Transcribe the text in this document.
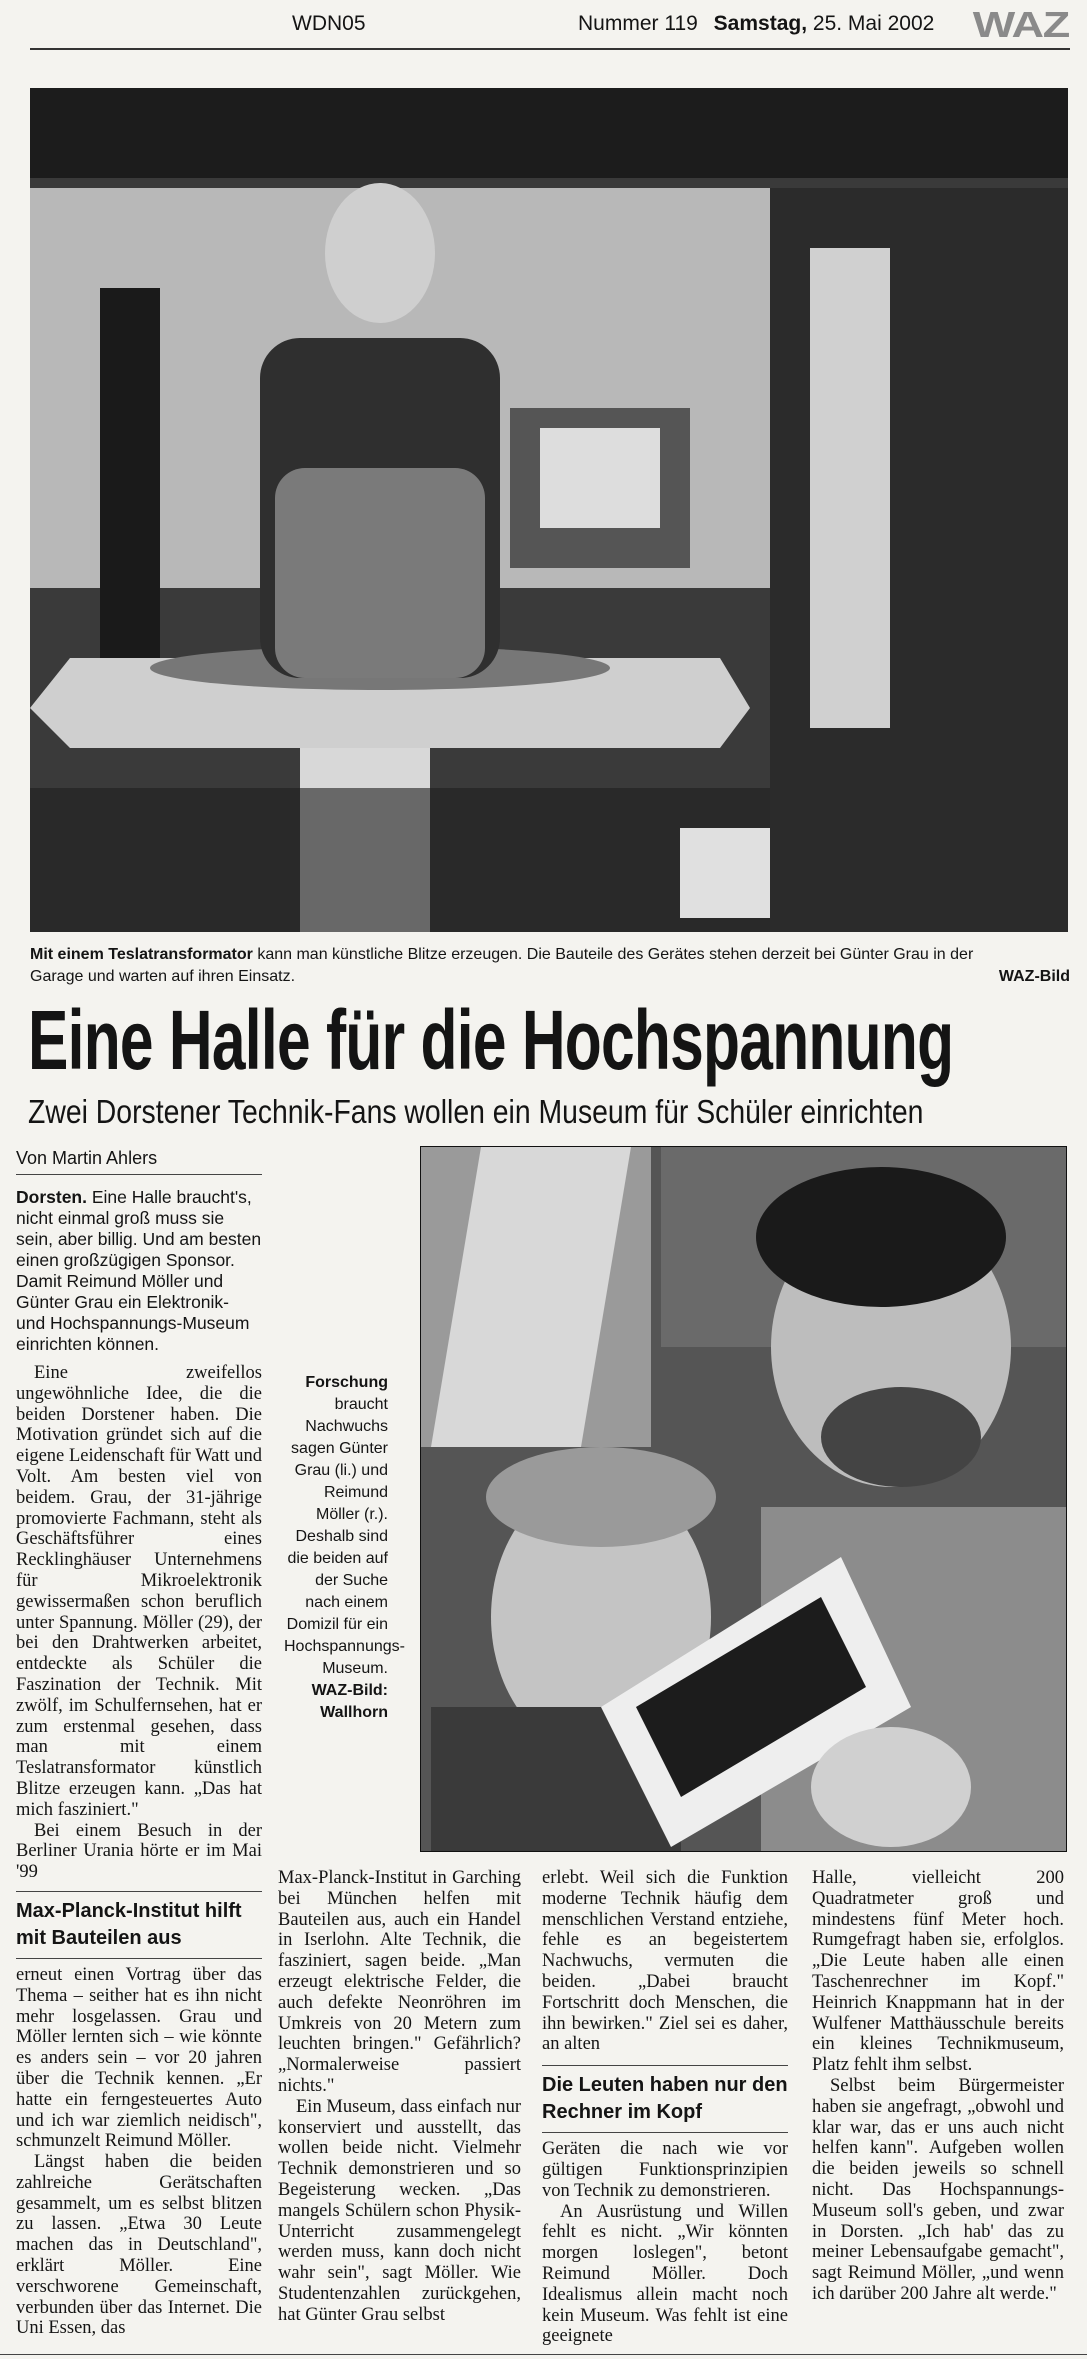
WDN05	Nummer 119 Samstag, 25. Mai 2002 WAZ
Mit einem Teslatransformator kann man künstliche Blitze erzeugen. Die Bauteile des Gerätes stehen derzeit bei Günter Grau in der
Garage und warten auf ihren Einsatz.	WAZ-Bild
Eine Halle für die Hochspannung
Zwei Dorstener Technik-Fans wollen ein Museum für Schüler einrichten
Von Martin Ahlers
Dorsten. Eine Halle braucht's, nicht einmal groß muss sie sein, aber billig. Und am besten einen großzügigen Sponsor. Damit Reimund Möller und Günter Grau ein Elektronik- und Hochspannungs-Museum einrichten können.

Eine zweifellos ungewöhnliche Idee, die die beiden Dorstener haben. Die Motivation gründet sich auf die eigene Leidenschaft für Watt und Volt. Am besten viel von beidem. Grau, der 31-jährige promovierte Fachmann, steht als Geschäftsführer eines Recklinghäuser Unternehmens für Mikroelektronik gewissermaßen schon beruflich unter Spannung. Möller (29), der bei den Drahtwerken arbeitet, entdeckte als Schüler die Faszination der Technik. Mit zwölf, im Schulfernsehen, hat er zum erstenmal gesehen, dass man mit einem Teslatransformator künstlich Blitze erzeugen kann. „Das hat mich fasziniert."

Bei einem Besuch in der Berliner Urania hörte er im Mai '99

Max-Planck-Institut hilft mit Bauteilen aus

erneut einen Vortrag über das Thema – seither hat es ihn nicht mehr losgelassen. Grau und Möller lernten sich – wie könnte es anders sein – vor 20 jahren über die Technik kennen. „Er hatte ein ferngesteuertes Auto und ich war ziemlich neidisch", schmunzelt Reimund Möller.

Längst haben die beiden zahlreiche Gerätschaften gesammelt, um es selbst blitzen zu lassen. „Etwa 30 Leute machen das in Deutschland", erklärt Möller. Eine verschworene Gemeinschaft, verbunden über das Internet. Die Uni Essen, das

Forschung braucht Nachwuchs sagen Günter Grau (li.) und Reimund Möller (r.). Deshalb sind die beiden auf der Suche nach einem Domizil für ein Hochspannungs-Museum.
WAZ-Bild: Wallhorn

Max-Planck-Institut in Garching bei München helfen mit Bauteilen aus, auch ein Handel in Iserlohn. Alte Technik, die fasziniert, sagen beide. „Man erzeugt elektrische Felder, die auch defekte Neonröhren im Umkreis von 20 Metern zum leuchten bringen." Gefährlich? „Normalerweise passiert nichts."

Ein Museum, dass einfach nur konserviert und ausstellt, das wollen beide nicht. Vielmehr Technik demonstrieren und so Begeisterung wecken. „Das mangels Schülern schon Physik-Unterricht zusammengelegt werden muss, kann doch nicht wahr sein", sagt Möller. Wie Studentenzahlen zurückgehen, hat Günter Grau selbst

erlebt. Weil sich die Funktion moderne Technik häufig dem menschlichen Verstand entziehe, fehle es an begeistertem Nachwuchs, vermuten die beiden. „Dabei braucht Fortschritt doch Menschen, die ihn bewirken." Ziel sei es daher, an alten

Die Leuten haben nur den Rechner im Kopf

Geräten die nach wie vor gültigen Funktionsprinzipien von Technik zu demonstrieren.

An Ausrüstung und Willen fehlt es nicht. „Wir könnten morgen loslegen", betont Reimund Möller. Doch Idealismus allein macht noch kein Museum. Was fehlt ist eine geeignete

Halle, vielleicht 200 Quadratmeter groß und mindestens fünf Meter hoch. Rumgefragt haben sie, erfolglos. „Die Leute haben alle einen Taschenrechner im Kopf." Heinrich Knappmann hat in der Wulfener Matthäusschule bereits ein kleines Technikmuseum, Platz fehlt ihm selbst.

Selbst beim Bürgermeister haben sie angefragt, „obwohl und klar war, das er uns auch nicht helfen kann". Aufgeben wollen die beiden jeweils so schnell nicht. Das Hochspannungs-Museum soll's geben, und zwar in Dorsten. „Ich hab' das zu meiner Lebensaufgabe gemacht", sagt Reimund Möller, „und wenn ich darüber 200 Jahre alt werde."
